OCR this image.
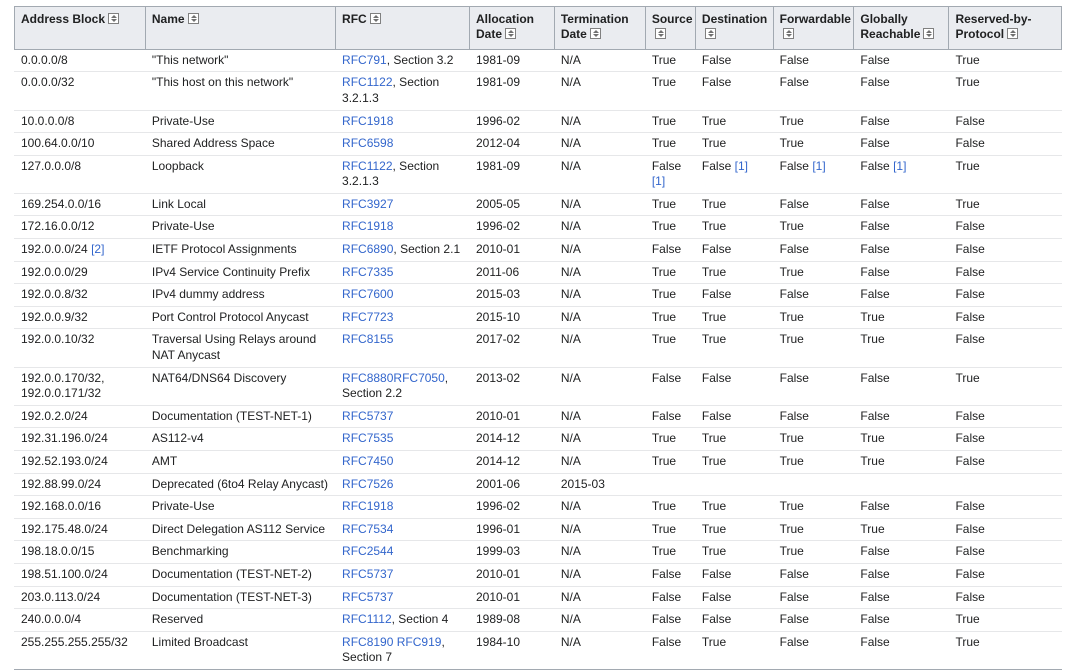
Address Block	Name	RFC	Allocation Date	Termination Date	Source	Destination	Forwardable	Globally Reachable	Reserved-by-Protocol
0.0.0.0/8	"This network"	RFC791, Section 3.2	1981-09	N/A	True	False	False	False	True
0.0.0.0/32	"This host on this network"	RFC1122, Section 3.2.1.3	1981-09	N/A	True	False	False	False	True
10.0.0.0/8	Private-Use	RFC1918	1996-02	N/A	True	True	True	False	False
100.64.0.0/10	Shared Address Space	RFC6598	2012-04	N/A	True	True	True	False	False
127.0.0.0/8	Loopback	RFC1122, Section 3.2.1.3	1981-09	N/A	False [1]	False [1]	False [1]	False [1]	True
169.254.0.0/16	Link Local	RFC3927	2005-05	N/A	True	True	False	False	True
172.16.0.0/12	Private-Use	RFC1918	1996-02	N/A	True	True	True	False	False
192.0.0.0/24 [2]	IETF Protocol Assignments	RFC6890, Section 2.1	2010-01	N/A	False	False	False	False	False
192.0.0.0/29	IPv4 Service Continuity Prefix	RFC7335	2011-06	N/A	True	True	True	False	False
192.0.0.8/32	IPv4 dummy address	RFC7600	2015-03	N/A	True	False	False	False	False
192.0.0.9/32	Port Control Protocol Anycast	RFC7723	2015-10	N/A	True	True	True	True	False
192.0.0.10/32	Traversal Using Relays around NAT Anycast	RFC8155	2017-02	N/A	True	True	True	True	False
192.0.0.170/32, 192.0.0.171/32	NAT64/DNS64 Discovery	RFC8880RFC7050, Section 2.2	2013-02	N/A	False	False	False	False	True
192.0.2.0/24	Documentation (TEST-NET-1)	RFC5737	2010-01	N/A	False	False	False	False	False
192.31.196.0/24	AS112-v4	RFC7535	2014-12	N/A	True	True	True	True	False
192.52.193.0/24	AMT	RFC7450	2014-12	N/A	True	True	True	True	False
192.88.99.0/24	Deprecated (6to4 Relay Anycast)	RFC7526	2001-06	2015-03					
192.168.0.0/16	Private-Use	RFC1918	1996-02	N/A	True	True	True	False	False
192.175.48.0/24	Direct Delegation AS112 Service	RFC7534	1996-01	N/A	True	True	True	True	False
198.18.0.0/15	Benchmarking	RFC2544	1999-03	N/A	True	True	True	False	False
198.51.100.0/24	Documentation (TEST-NET-2)	RFC5737	2010-01	N/A	False	False	False	False	False
203.0.113.0/24	Documentation (TEST-NET-3)	RFC5737	2010-01	N/A	False	False	False	False	False
240.0.0.0/4	Reserved	RFC1112, Section 4	1989-08	N/A	False	False	False	False	True
255.255.255.255/32	Limited Broadcast	RFC8190 RFC919, Section 7	1984-10	N/A	False	True	False	False	True
